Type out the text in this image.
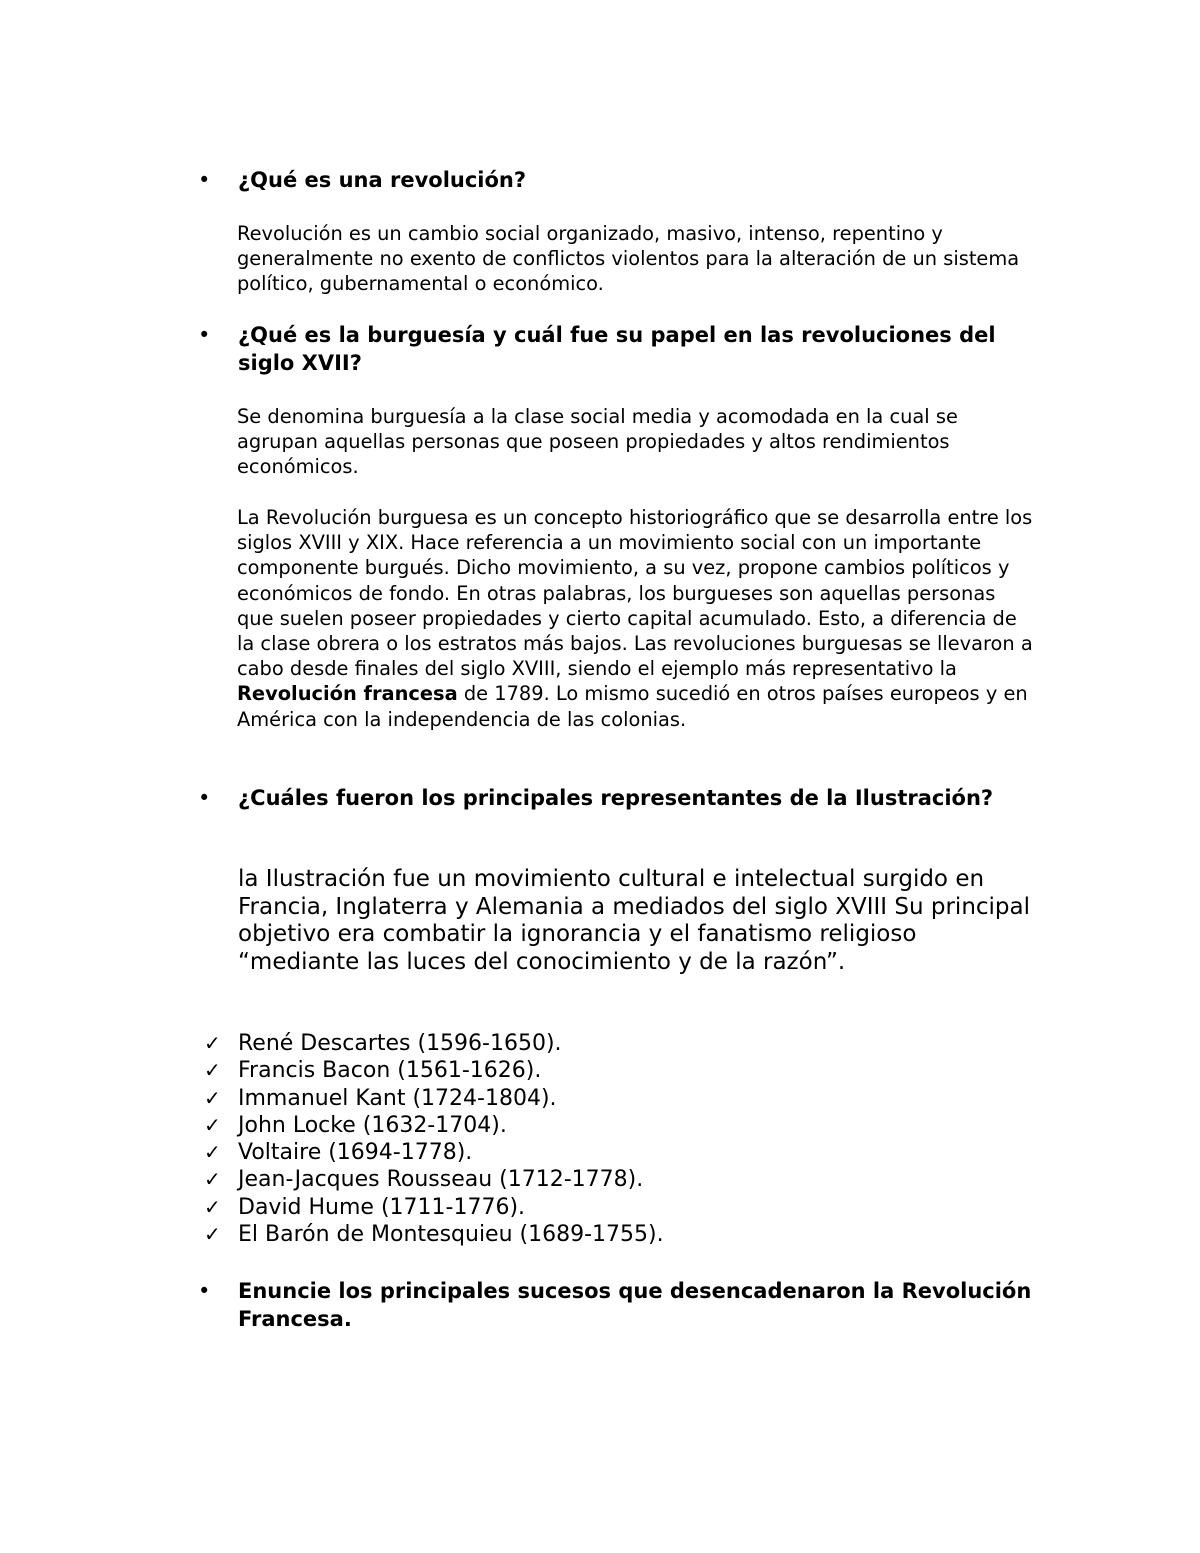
• ¿Qué es una revolución?

Revolución es un cambio social organizado, masivo, intenso, repentino y generalmente no exento de conflictos violentos para la alteración de un sistema político, gubernamental o económico.

• ¿Qué es la burguesía y cuál fue su papel en las revoluciones del siglo XVII?

Se denomina burguesía a la clase social media y acomodada en la cual se agrupan aquellas personas que poseen propiedades y altos rendimientos económicos.

La Revolución burguesa es un concepto historiográfico que se desarrolla entre los siglos XVIII y XIX. Hace referencia a un movimiento social con un importante componente burgués. Dicho movimiento, a su vez, propone cambios políticos y económicos de fondo. En otras palabras, los burgueses son aquellas personas que suelen poseer propiedades y cierto capital acumulado. Esto, a diferencia de la clase obrera o los estratos más bajos. Las revoluciones burguesas se llevaron a cabo desde finales del siglo XVIII, siendo el ejemplo más representativo la Revolución francesa de 1789. Lo mismo sucedió en otros países europeos y en América con la independencia de las colonias.

• ¿Cuáles fueron los principales representantes de la Ilustración?

la Ilustración fue un movimiento cultural e intelectual surgido en Francia, Inglaterra y Alemania a mediados del siglo XVIII Su principal objetivo era combatir la ignorancia y el fanatismo religioso “mediante las luces del conocimiento y de la razón”.

✓ René Descartes (1596-1650).
✓ Francis Bacon (1561-1626).
✓ Immanuel Kant (1724-1804).
✓ John Locke (1632-1704).
✓ Voltaire (1694-1778).
✓ Jean-Jacques Rousseau (1712-1778).
✓ David Hume (1711-1776).
✓ El Barón de Montesquieu (1689-1755).
• Enuncie los principales sucesos que desencadenaron la Revolución Francesa.
